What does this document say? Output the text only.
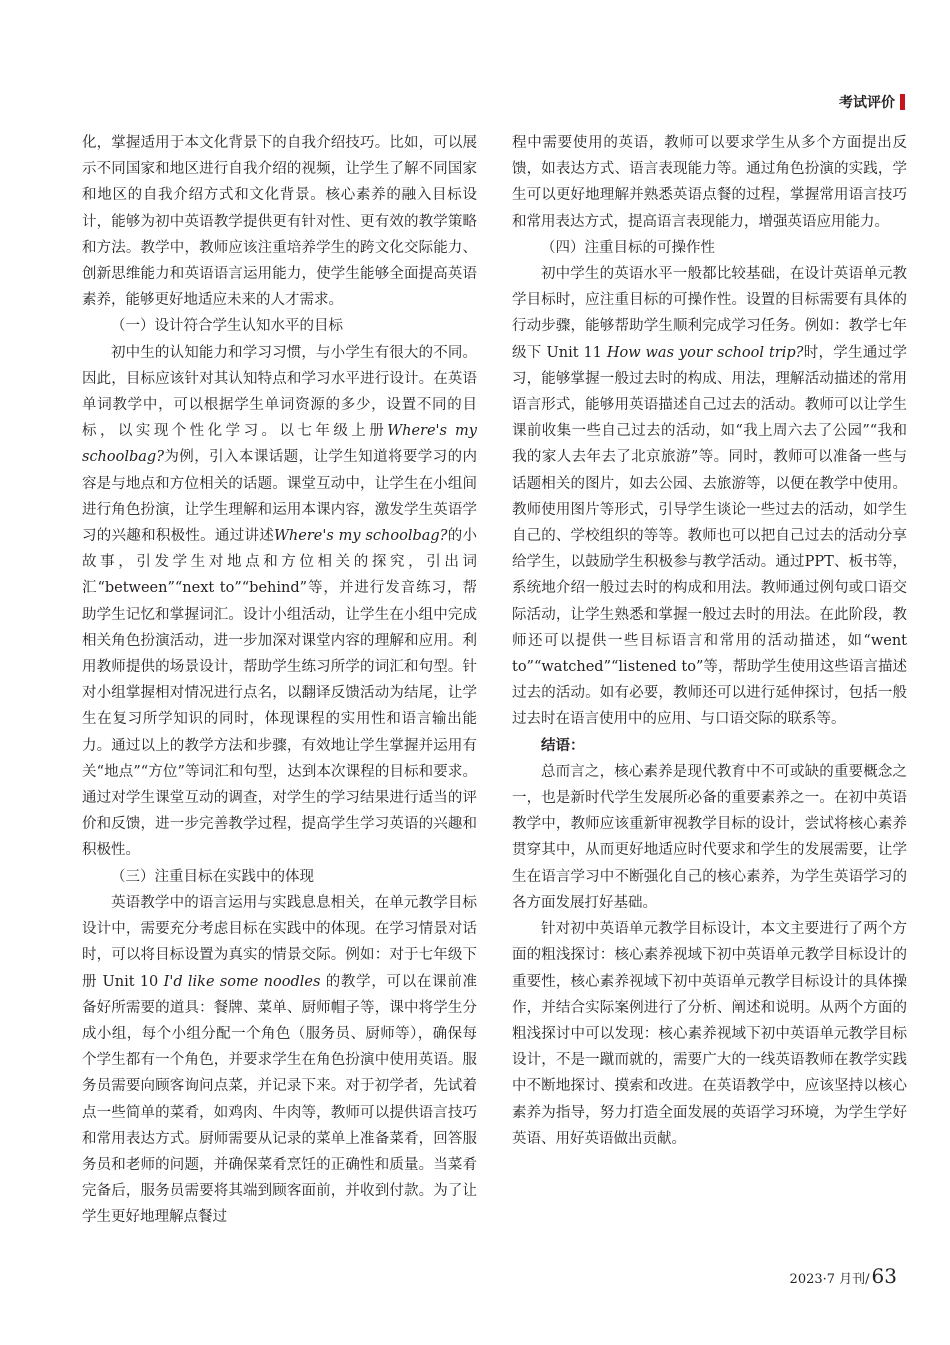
考试评价

化，掌握适用于本文化背景下的自我介绍技巧。比如，可以展示不同国家和地区进行自我介绍的视频，让学生了解不同国家和地区的自我介绍方式和文化背景。核心素养的融入目标设计，能够为初中英语教学提供更有针对性、更有效的教学策略和方法。教学中，教师应该注重培养学生的跨文化交际能力、创新思维能力和英语语言运用能力，使学生能够全面提高英语素养，能够更好地适应未来的人才需求。

（一）设计符合学生认知水平的目标

初中生的认知能力和学习习惯，与小学生有很大的不同。因此，目标应该针对其认知特点和学习水平进行设计。在英语单词教学中，可以根据学生单词资源的多少，设置不同的目标，以实现个性化学习。以七年级上册Where's my schoolbag?为例，引入本课话题，让学生知道将要学习的内容是与地点和方位相关的话题。课堂互动中，让学生在小组间进行角色扮演，让学生理解和运用本课内容，激发学生英语学习的兴趣和积极性。通过讲述Where's my schoolbag?的小故事，引发学生对地点和方位相关的探究，引出词汇“between”“next to”“behind”等，并进行发音练习，帮助学生记忆和掌握词汇。设计小组活动，让学生在小组中完成相关角色扮演活动，进一步加深对课堂内容的理解和应用。利用教师提供的场景设计，帮助学生练习所学的词汇和句型。针对小组掌握相对情况进行点名，以翻译反馈活动为结尾，让学生在复习所学知识的同时，体现课程的实用性和语言输出能力。通过以上的教学方法和步骤，有效地让学生掌握并运用有关“地点”“方位”等词汇和句型，达到本次课程的目标和要求。通过对学生课堂互动的调查，对学生的学习结果进行适当的评价和反馈，进一步完善教学过程，提高学生学习英语的兴趣和积极性。

（三）注重目标在实践中的体现

英语教学中的语言运用与实践息息相关，在单元教学目标设计中，需要充分考虑目标在实践中的体现。在学习情景对话时，可以将目标设置为真实的情景交际。例如：对于七年级下册 Unit 10 I'd like some noodles 的教学，可以在课前准备好所需要的道具：餐牌、菜单、厨师帽子等，课中将学生分成小组，每个小组分配一个角色（服务员、厨师等），确保每个学生都有一个角色，并要求学生在角色扮演中使用英语。服务员需要向顾客询问点菜，并记录下来。对于初学者，先试着点一些简单的菜肴，如鸡肉、牛肉等，教师可以提供语言技巧和常用表达方式。厨师需要从记录的菜单上准备菜肴，回答服务员和老师的问题，并确保菜肴烹饪的正确性和质量。当菜肴完备后，服务员需要将其端到顾客面前，并收到付款。为了让学生更好地理解点餐过

程中需要使用的英语，教师可以要求学生从多个方面提出反馈，如表达方式、语言表现能力等。通过角色扮演的实践，学生可以更好地理解并熟悉英语点餐的过程，掌握常用语言技巧和常用表达方式，提高语言表现能力，增强英语应用能力。

（四）注重目标的可操作性

初中学生的英语水平一般都比较基础，在设计英语单元教学目标时，应注重目标的可操作性。设置的目标需要有具体的行动步骤，能够帮助学生顺利完成学习任务。例如：教学七年级下 Unit 11 How was your school trip?时，学生通过学习，能够掌握一般过去时的构成、用法，理解活动描述的常用语言形式，能够用英语描述自己过去的活动。教师可以让学生课前收集一些自己过去的活动，如“我上周六去了公园”“我和我的家人去年去了北京旅游”等。同时，教师可以准备一些与话题相关的图片，如去公园、去旅游等，以便在教学中使用。教师使用图片等形式，引导学生谈论一些过去的活动，如学生自己的、学校组织的等等。教师也可以把自己过去的活动分享给学生，以鼓励学生积极参与教学活动。通过PPT、板书等，系统地介绍一般过去时的构成和用法。教师通过例句或口语交际活动，让学生熟悉和掌握一般过去时的用法。在此阶段，教师还可以提供一些目标语言和常用的活动描述，如“went to”“watched”“listened to”等，帮助学生使用这些语言描述过去的活动。如有必要，教师还可以进行延伸探讨，包括一般过去时在语言使用中的应用、与口语交际的联系等。

结语：

总而言之，核心素养是现代教育中不可或缺的重要概念之一，也是新时代学生发展所必备的重要素养之一。在初中英语教学中，教师应该重新审视教学目标的设计，尝试将核心素养贯穿其中，从而更好地适应时代要求和学生的发展需要，让学生在语言学习中不断强化自己的核心素养，为学生英语学习的各方面发展打好基础。

针对初中英语单元教学目标设计，本文主要进行了两个方面的粗浅探讨：核心素养视域下初中英语单元教学目标设计的重要性，核心素养视域下初中英语单元教学目标设计的具体操作，并结合实际案例进行了分析、阐述和说明。从两个方面的粗浅探讨中可以发现：核心素养视域下初中英语单元教学目标设计，不是一蹴而就的，需要广大的一线英语教师在教学实践中不断地探讨、摸索和改进。在英语教学中，应该坚持以核心素养为指导，努力打造全面发展的英语学习环境，为学生学好英语、用好英语做出贡献。

2023·7 月刊/ 63
